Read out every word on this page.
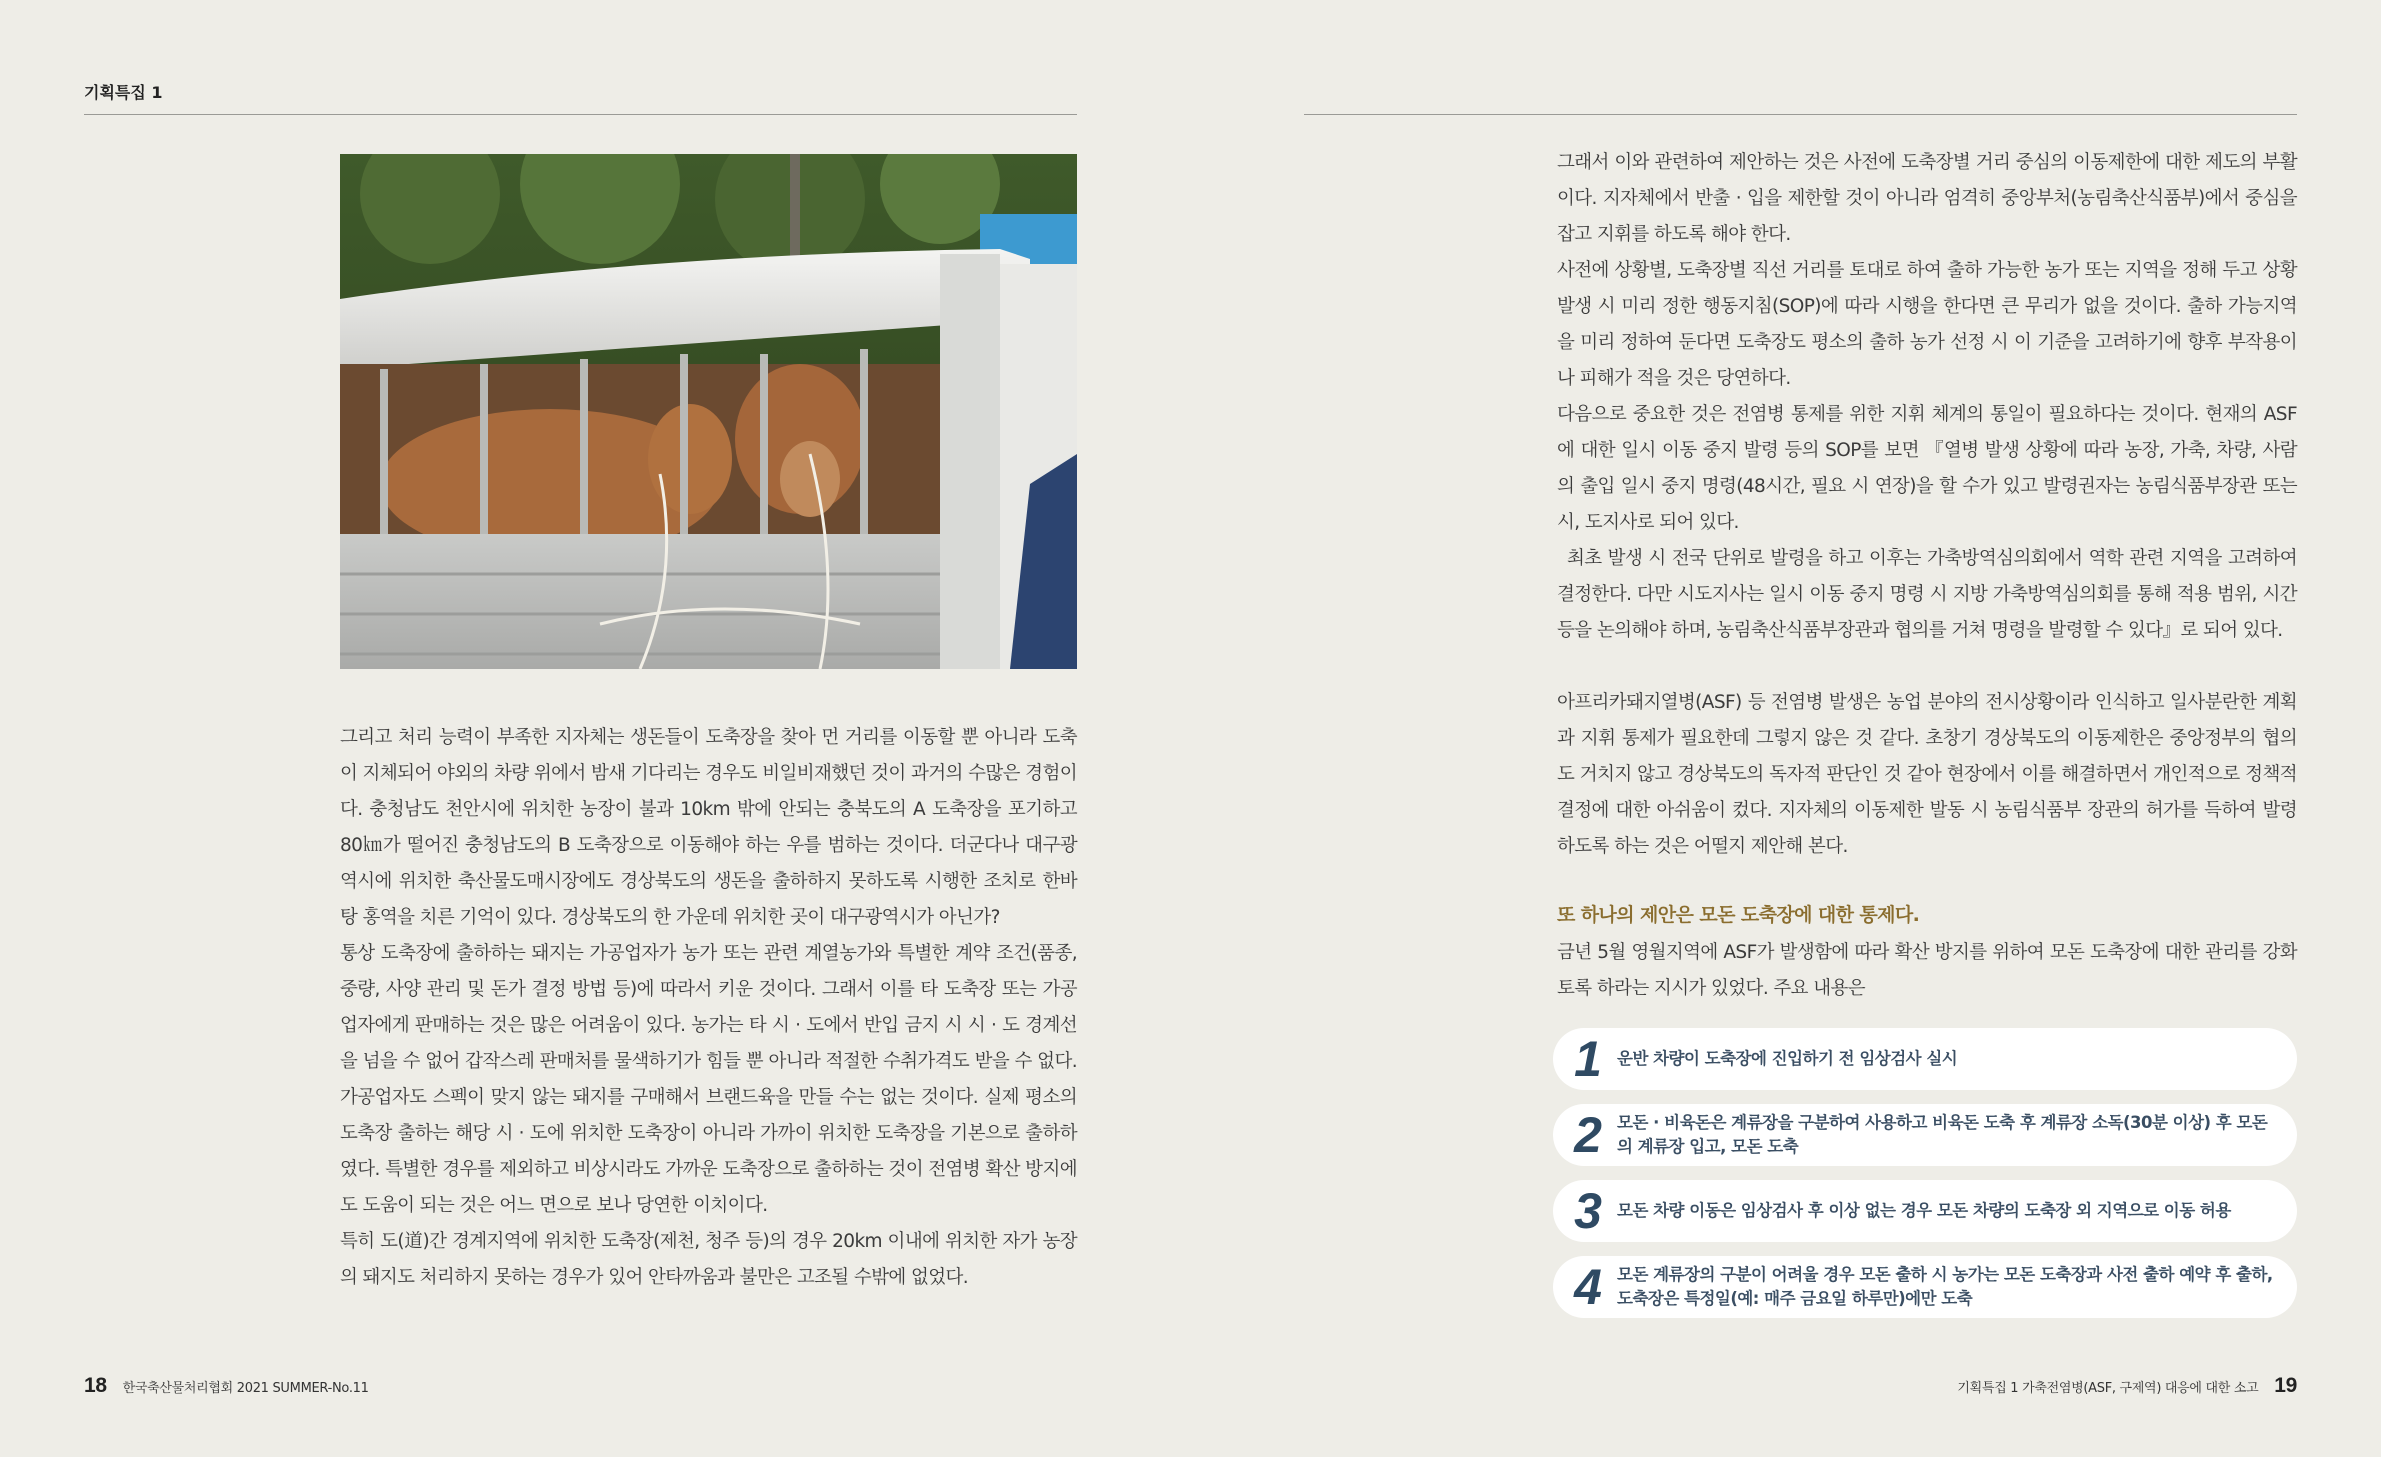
기획특집 1

그리고 처리 능력이 부족한 지자체는 생돈들이 도축장을 찾아 먼 거리를 이동할 뿐 아니라 도축이 지체되어 야외의 차량 위에서 밤새 기다리는 경우도 비일비재했던 것이 과거의 수많은 경험이다. 충청남도 천안시에 위치한 농장이 불과 10km 밖에 안되는 충북도의 A 도축장을 포기하고 80㎞가 떨어진 충청남도의 B 도축장으로 이동해야 하는 우를 범하는 것이다. 더군다나 대구광역시에 위치한 축산물도매시장에도 경상북도의 생돈을 출하하지 못하도록 시행한 조치로 한바탕 홍역을 치른 기억이 있다. 경상북도의 한 가운데 위치한 곳이 대구광역시가 아닌가?

통상 도축장에 출하하는 돼지는 가공업자가 농가 또는 관련 계열농가와 특별한 계약 조건(품종, 중량, 사양 관리 및 돈가 결정 방법 등)에 따라서 키운 것이다. 그래서 이를 타 도축장 또는 가공업자에게 판매하는 것은 많은 어려움이 있다. 농가는 타 시 · 도에서 반입 금지 시 시 · 도 경계선을 넘을 수 없어 갑작스레 판매처를 물색하기가 힘들 뿐 아니라 적절한 수취가격도 받을 수 없다. 가공업자도 스펙이 맞지 않는 돼지를 구매해서 브랜드육을 만들 수는 없는 것이다. 실제 평소의 도축장 출하는 해당 시 · 도에 위치한 도축장이 아니라 가까이 위치한 도축장을 기본으로 출하하였다. 특별한 경우를 제외하고 비상시라도 가까운 도축장으로 출하하는 것이 전염병 확산 방지에도 도움이 되는 것은 어느 면으로 보나 당연한 이치이다.

특히 도(道)간 경계지역에 위치한 도축장(제천, 청주 등)의 경우 20km 이내에 위치한 자가 농장의 돼지도 처리하지 못하는 경우가 있어 안타까움과 불만은 고조될 수밖에 없었다.

그래서 이와 관련하여 제안하는 것은 사전에 도축장별 거리 중심의 이동제한에 대한 제도의 부활이다. 지자체에서 반출 · 입을 제한할 것이 아니라 엄격히 중앙부처(농림축산식품부)에서 중심을 잡고 지휘를 하도록 해야 한다.

사전에 상황별, 도축장별 직선 거리를 토대로 하여 출하 가능한 농가 또는 지역을 정해 두고 상황 발생 시 미리 정한 행동지침(SOP)에 따라 시행을 한다면 큰 무리가 없을 것이다. 출하 가능지역을 미리 정하여 둔다면 도축장도 평소의 출하 농가 선정 시 이 기준을 고려하기에 향후 부작용이나 피해가 적을 것은 당연하다.

다음으로 중요한 것은 전염병 통제를 위한 지휘 체계의 통일이 필요하다는 것이다. 현재의 ASF에 대한 일시 이동 중지 발령 등의 SOP를 보면 『열병 발생 상황에 따라 농장, 가축, 차량, 사람의 출입 일시 중지 명령(48시간, 필요 시 연장)을 할 수가 있고 발령권자는 농림식품부장관 또는 시, 도지사로 되어 있다.

최초 발생 시 전국 단위로 발령을 하고 이후는 가축방역심의회에서 역학 관련 지역을 고려하여 결정한다. 다만 시도지사는 일시 이동 중지 명령 시 지방 가축방역심의회를 통해 적용 범위, 시간 등을 논의해야 하며, 농림축산식품부장관과 협의를 거쳐 명령을 발령할 수 있다』로 되어 있다.

아프리카돼지열병(ASF) 등 전염병 발생은 농업 분야의 전시상황이라 인식하고 일사분란한 계획과 지휘 통제가 필요한데 그렇지 않은 것 같다. 초창기 경상북도의 이동제한은 중앙정부의 협의도 거치지 않고 경상북도의 독자적 판단인 것 같아 현장에서 이를 해결하면서 개인적으로 정책적 결정에 대한 아쉬움이 컸다. 지자체의 이동제한 발동 시 농림식품부 장관의 허가를 득하여 발령하도록 하는 것은 어떨지 제안해 본다.

또 하나의 제안은 모돈 도축장에 대한 통제다.
금년 5월 영월지역에 ASF가 발생함에 따라 확산 방지를 위하여 모돈 도축장에 대한 관리를 강화토록 하라는 지시가 있었다. 주요 내용은
1 운반 차량이 도축장에 진입하기 전 임상검사 실시
2 모돈 · 비육돈은 계류장을 구분하여 사용하고 비육돈 도축 후 계류장 소독(30분 이상) 후 모돈의 계류장 입고, 모돈 도축
3 모돈 차량 이동은 임상검사 후 이상 없는 경우 모돈 차량의 도축장 외 지역으로 이동 허용
4 모돈 계류장의 구분이 어려울 경우 모돈 출하 시 농가는 모돈 도축장과 사전 출하 예약 후 출하, 도축장은 특정일(예: 매주 금요일 하루만)에만 도축
18 한국축산물처리협회 2021 SUMMER-No.11	기획특집 1 가축전염병(ASF, 구제역) 대응에 대한 소고 19
